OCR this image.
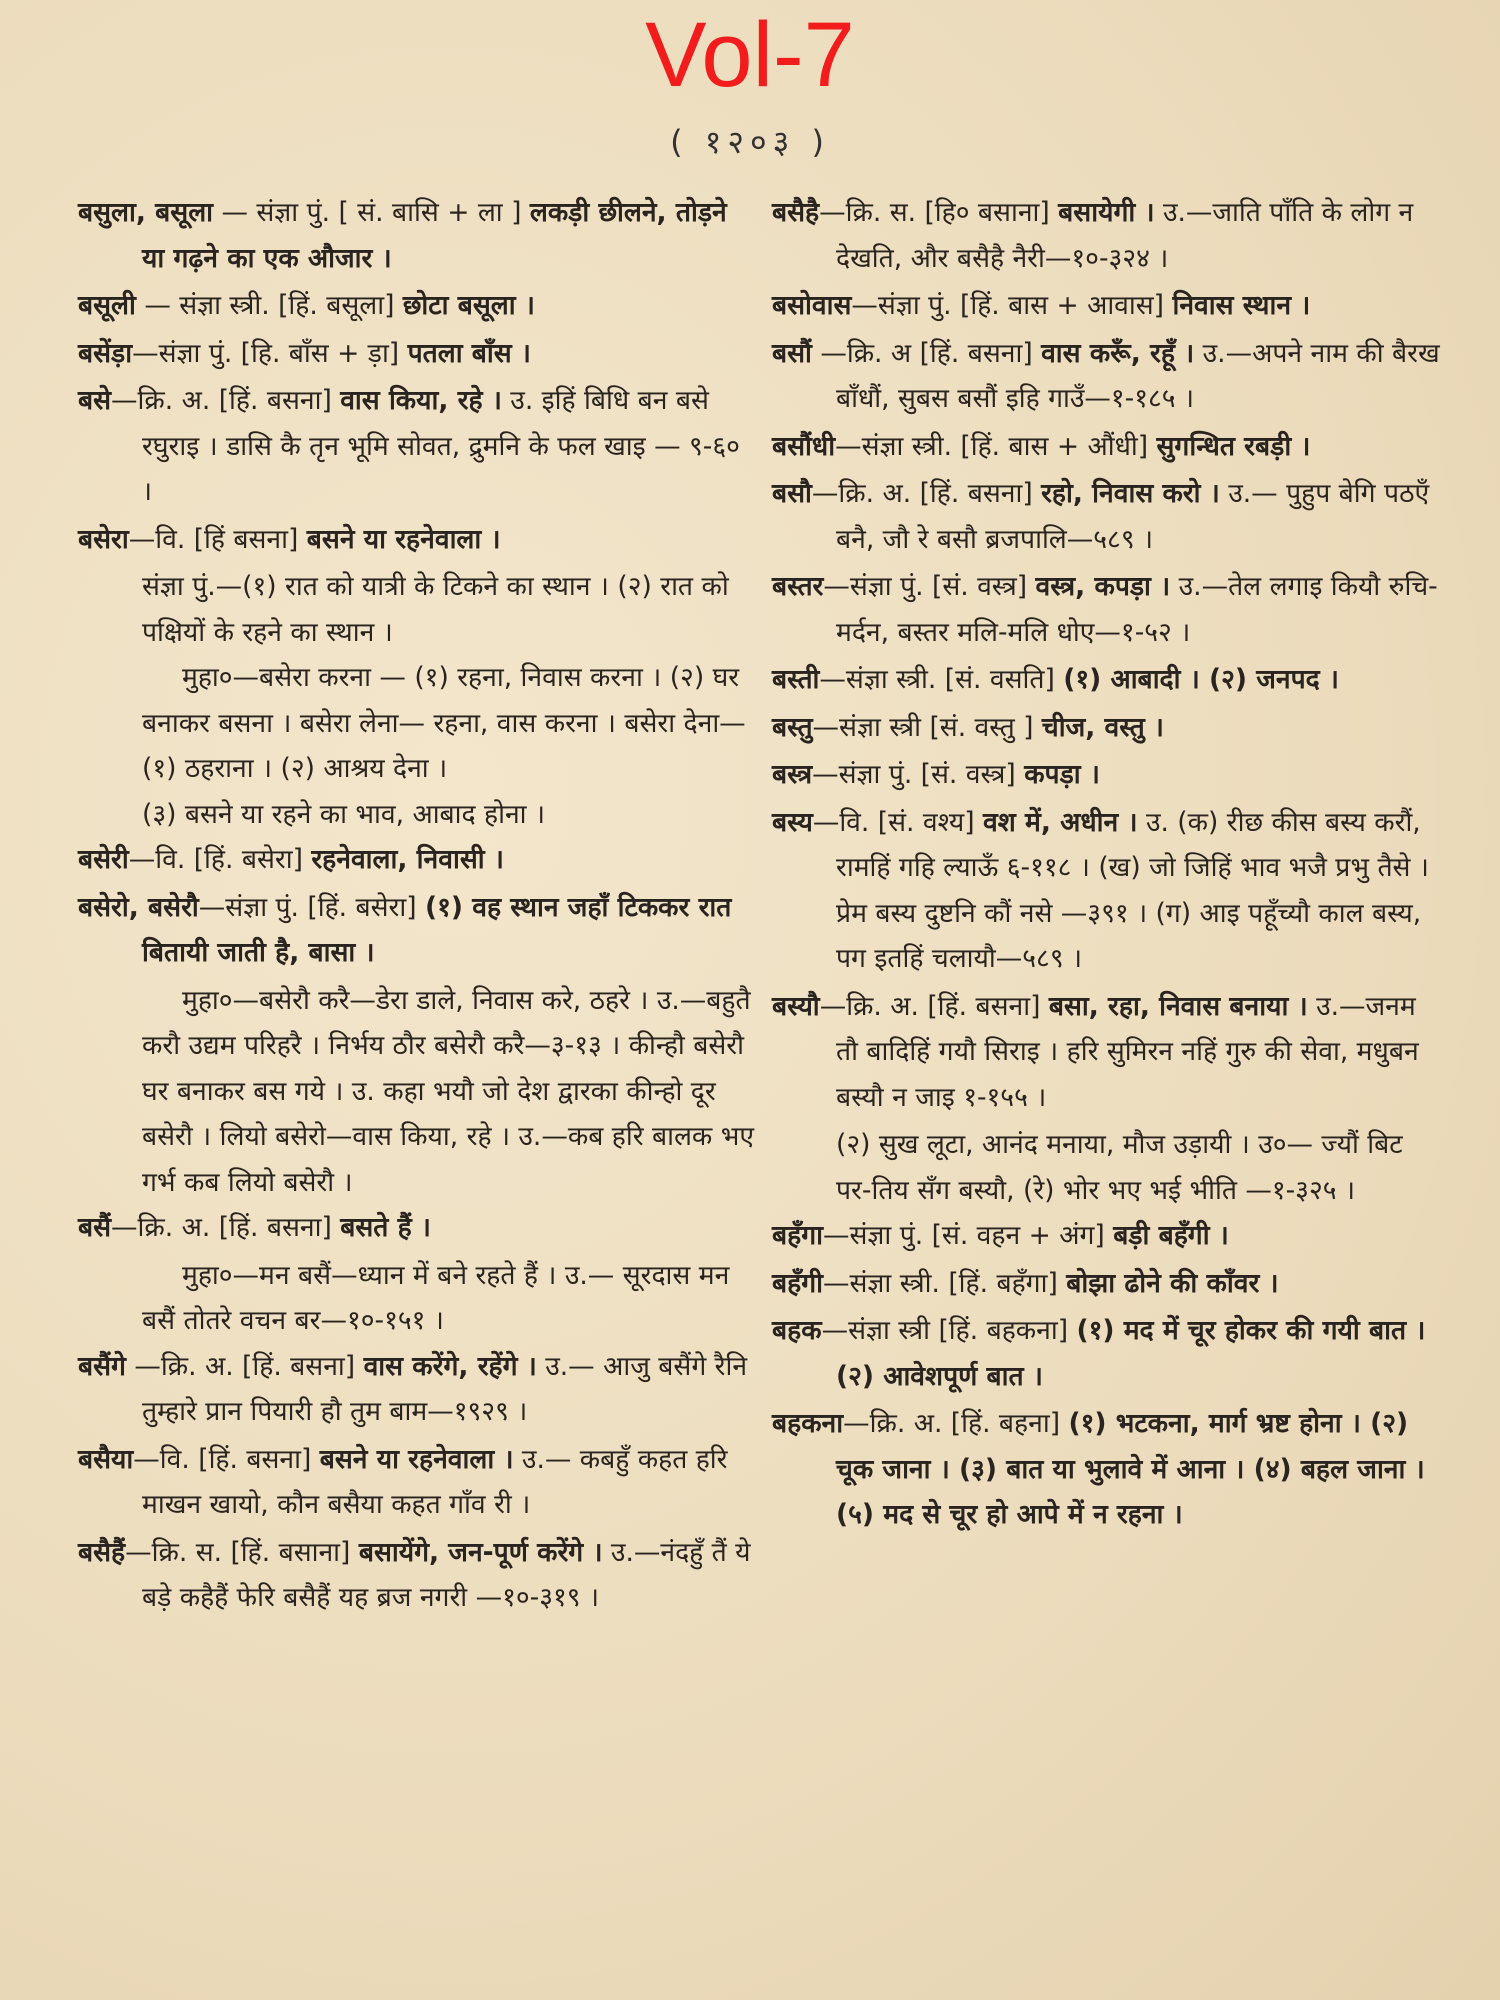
Vol-7
( १२०३ )
बसुला, बसूला — संज्ञा पुं. [ सं. बासि + ला ] लकड़ी छीलने, तोड़ने या गढ़ने का एक औजार ।
बसूली — संज्ञा स्त्री. [हिं. बसूला] छोटा बसूला ।
बसेंड़ा—संज्ञा पुं. [हि. बाँस + ड़ा] पतला बाँस ।
बसे—क्रि. अ. [हिं. बसना] वास किया, रहे । उ. इहिं बिधि बन बसे रघुराइ । डासि कै तृन भूमि सोवत, द्रुमनि के फल खाइ — ९-६० ।
बसेरा—वि. [हिं बसना] बसने या रहनेवाला ।
संज्ञा पुं.—(१) रात को यात्री के टिकने का स्थान । (२) रात को पक्षियों के रहने का स्थान ।
मुहा०—बसेरा करना — (१) रहना, निवास करना । (२) घर बनाकर बसना । बसेरा लेना— रहना, वास करना । बसेरा देना—(१) ठहराना । (२) आश्रय देना ।
(३) बसने या रहने का भाव, आबाद होना ।
बसेरी—वि. [हिं. बसेरा] रहनेवाला, निवासी ।
बसेरो, बसेरौ—संज्ञा पुं. [हिं. बसेरा] (१) वह स्थान जहाँ टिककर रात बितायी जाती है, बासा ।
मुहा०—बसेरौ करै—डेरा डाले, निवास करे, ठहरे । उ.—बहुतै करौ उद्यम परिहरै । निर्भय ठौर बसेरौ करै—३-१३ । कीन्हौ बसेरौ घर बनाकर बस गये । उ. कहा भयौ जो देश द्वारका कीन्हो दूर बसेरौ । लियो बसेरो—वास किया, रहे । उ.—कब हरि बालक भए गर्भ कब लियो बसेरौ ।
बसैं—क्रि. अ. [हिं. बसना] बसते हैं ।
मुहा०—मन बसैं—ध्यान में बने रहते हैं । उ.— सूरदास मन बसैं तोतरे वचन बर—१०-१५१ ।
बसैंगे —क्रि. अ. [हिं. बसना] वास करेंगे, रहेंगे । उ.— आजु बसैंगे रैनि तुम्हारे प्रान पियारी हौ तुम बाम—१९२९ ।
बसैया—वि. [हिं. बसना] बसने या रहनेवाला । उ.— कबहुँ कहत हरि माखन खायो, कौन बसैया कहत गाँव री ।
बसैहैं—क्रि. स. [हिं. बसाना] बसायेंगे, जन-पूर्ण करेंगे । उ.—नंदहुँ तैं ये बड़े कहैहैं फेरि बसैहैं यह ब्रज नगरी —१०-३१९ ।
बसैहै—क्रि. स. [हि० बसाना] बसायेगी । उ.—जाति पाँति के लोग न देखति, और बसैहै नैरी—१०-३२४ ।
बसोवास—संज्ञा पुं. [हिं. बास + आवास] निवास स्थान ।
बसौं —क्रि. अ [हिं. बसना] वास करूँ, रहूँ । उ.—अपने नाम की बैरख बाँधौं, सुबस बसौं इहि गाउँ—१-१८५ ।
बसौंधी—संज्ञा स्त्री. [हिं. बास + औंधी] सुगन्धित रबड़ी ।
बसौ—क्रि. अ. [हिं. बसना] रहो, निवास करो । उ.— पुहुप बेगि पठएँ बनै, जौ रे बसौ ब्रजपालि—५८९ ।
बस्तर—संज्ञा पुं. [सं. वस्त्र] वस्त्र, कपड़ा । उ.—तेल लगाइ कियौ रुचि-मर्दन, बस्तर मलि-मलि धोए—१-५२ ।
बस्ती—संज्ञा स्त्री. [सं. वसति] (१) आबादी । (२) जनपद ।
बस्तु—संज्ञा स्त्री [सं. वस्तु ] चीज, वस्तु ।
बस्त्र—संज्ञा पुं. [सं. वस्त्र] कपड़ा ।
बस्य—वि. [सं. वश्य] वश में, अधीन । उ. (क) रीछ कीस बस्य करौं, रामहिं गहि ल्याऊँ ६-११८ । (ख) जो जिहिं भाव भजै प्रभु तैसे । प्रेम बस्य दुष्टनि कौं नसे —३९१ । (ग) आइ पहूँच्यौ काल बस्य, पग इतहिं चलायौ—५८९ ।
बस्यौ—क्रि. अ. [हिं. बसना] बसा, रहा, निवास बनाया । उ.—जनम तौ बादिहिं गयौ सिराइ । हरि सुमिरन नहिं गुरु की सेवा, मधुबन बस्यौ न जाइ १-१५५ ।
(२) सुख लूटा, आनंद मनाया, मौज उड़ायी । उ०— ज्यौं बिट पर-तिय सँग बस्यौ, (रे) भोर भए भई भीति —१-३२५ ।
बहँगा—संज्ञा पुं. [सं. वहन + अंग] बड़ी बहँगी ।
बहँगी—संज्ञा स्त्री. [हिं. बहँगा] बोझा ढोने की काँवर ।
बहक—संज्ञा स्त्री [हिं. बहकना] (१) मद में चूर होकर की गयी बात । (२) आवेशपूर्ण बात ।
बहकना—क्रि. अ. [हिं. बहना] (१) भटकना, मार्ग भ्रष्ट होना । (२) चूक जाना । (३) बात या भुलावे में आना । (४) बहल जाना । (५) मद से चूर हो आपे में न रहना ।
